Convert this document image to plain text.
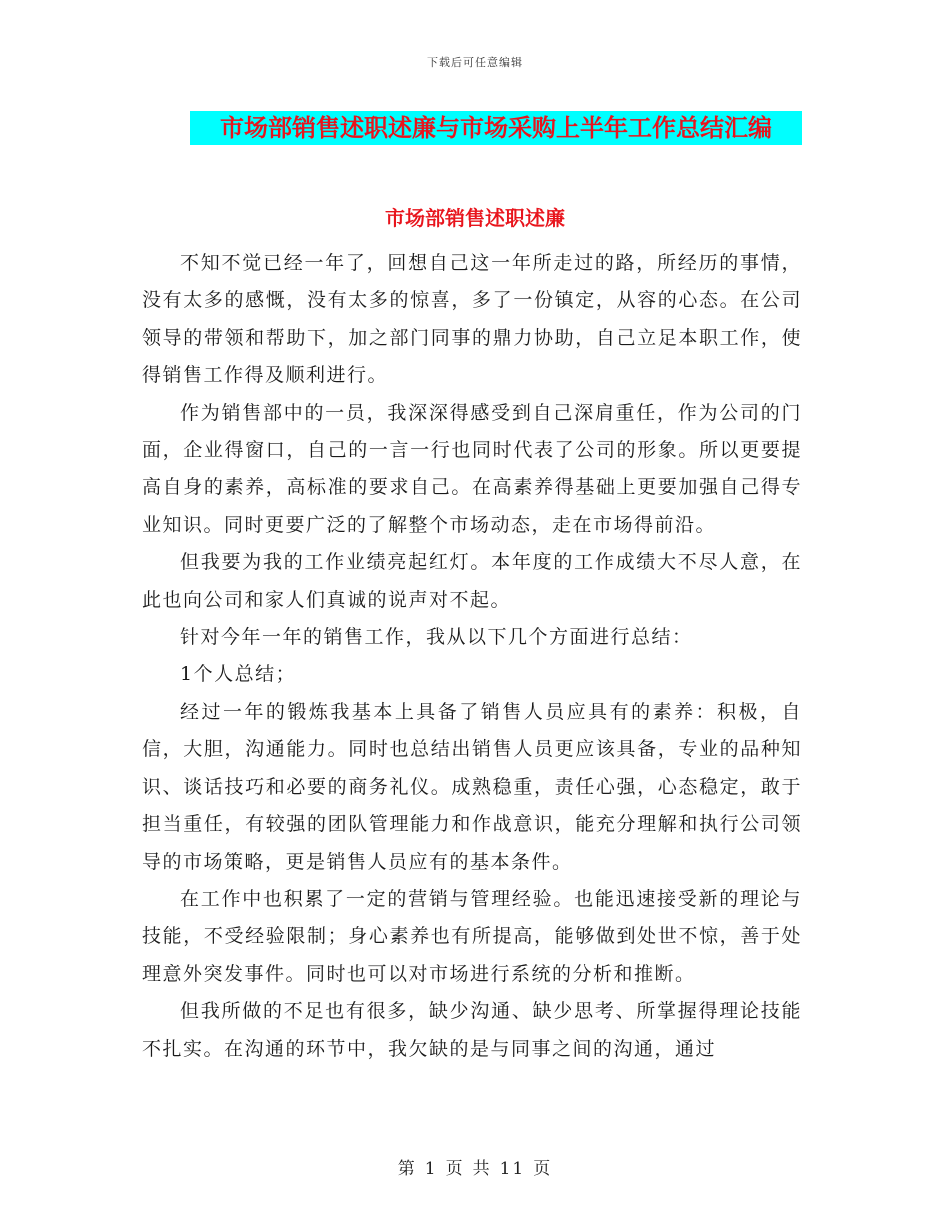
下载后可任意编辑
市场部销售述职述廉与市场采购上半年工作总结汇编
市场部销售述职述廉

不知不觉已经一年了，回想自己这一年所走过的路，所经历的事情，没有太多的感慨，没有太多的惊喜，多了一份镇定，从容的心态。在公司领导的带领和帮助下，加之部门同事的鼎力协助，自己立足本职工作，使得销售工作得及顺利进行。

作为销售部中的一员，我深深得感受到自己深肩重任，作为公司的门面，企业得窗口，自己的一言一行也同时代表了公司的形象。所以更要提高自身的素养，高标准的要求自己。在高素养得基础上更要加强自己得专业知识。同时更要广泛的了解整个市场动态，走在市场得前沿。

但我要为我的工作业绩亮起红灯。本年度的工作成绩大不尽人意，在此也向公司和家人们真诚的说声对不起。

针对今年一年的销售工作，我从以下几个方面进行总结：

1个人总结；

经过一年的锻炼我基本上具备了销售人员应具有的素养：积极，自信，大胆，沟通能力。同时也总结出销售人员更应该具备，专业的品种知识、谈话技巧和必要的商务礼仪。成熟稳重，责任心强，心态稳定，敢于担当重任，有较强的团队管理能力和作战意识，能充分理解和执行公司领导的市场策略，更是销售人员应有的基本条件。

在工作中也积累了一定的营销与管理经验。也能迅速接受新的理论与技能，不受经验限制；身心素养也有所提高，能够做到处世不惊，善于处理意外突发事件。同时也可以对市场进行系统的分析和推断。

但我所做的不足也有很多，缺少沟通、缺少思考、所掌握得理论技能不扎实。在沟通的环节中，我欠缺的是与同事之间的沟通，通过

第 1 页 共 11 页
